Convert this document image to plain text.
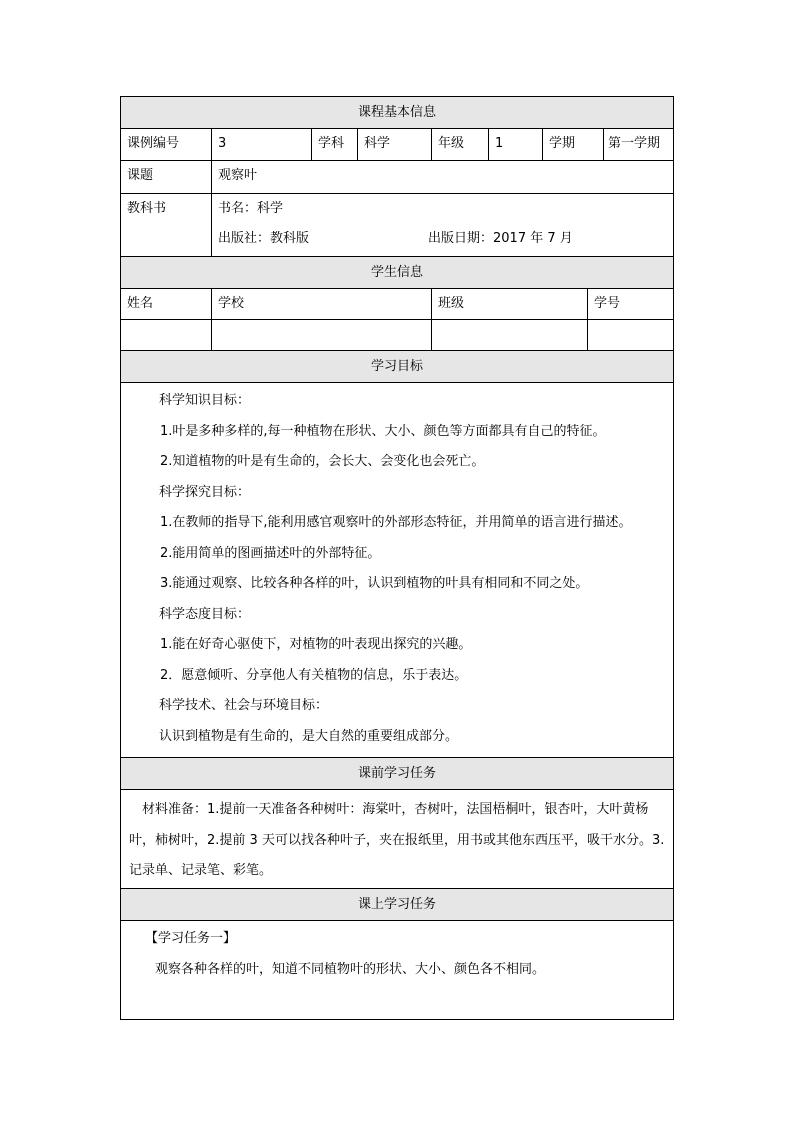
课程基本信息
课例编号	3	学科	科学	年级	1	学期	第一学期
课题	观察叶
教科书	书名：科学
出版社：教科版	出版日期：2017 年 7 月
学生信息
姓名	学校	班级	学号
学习目标
科学知识目标：
1.叶是多种多样的,每一种植物在形状、大小、颜色等方面都具有自己的特征。
2.知道植物的叶是有生命的，会长大、会变化也会死亡。
科学探究目标：
1.在教师的指导下,能利用感官观察叶的外部形态特征，并用简单的语言进行描述。
2.能用简单的图画描述叶的外部特征。
3.能通过观察、比较各种各样的叶，认识到植物的叶具有相同和不同之处。
科学态度目标：
1.能在好奇心驱使下，对植物的叶表现出探究的兴趣。
2．愿意倾听、分享他人有关植物的信息，乐于表达。
科学技术、社会与环境目标：
认识到植物是有生命的，是大自然的重要组成部分。
课前学习任务
材料准备：1.提前一天准备各种树叶：海棠叶，杏树叶，法国梧桐叶，银杏叶，大叶黄杨叶，柿树叶，2.提前 3 天可以找各种叶子，夹在报纸里，用书或其他东西压平，吸干水分。3.记录单、记录笔、彩笔。
课上学习任务
【学习任务一】
观察各种各样的叶，知道不同植物叶的形状、大小、颜色各不相同。
